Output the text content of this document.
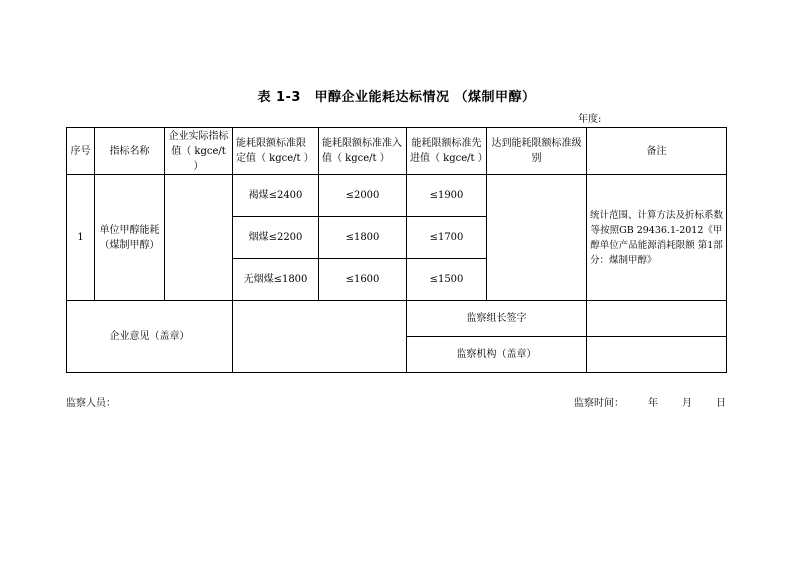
表 1-3　甲醇企业能耗达标情况 （煤制甲醇）
年度:
序号	指标名称	企业实际指标值（ kgce/t ）	能耗限额标准限定值（ kgce/t ）	能耗限额标准准入值（ kgce/t ）	能耗限额标准先进值（ kgce/t ）	达到能耗限额标准级别	备注
1	单位甲醇能耗（煤制甲醇）		褐煤≤2400	≤2000	≤1900		统计范围、计算方法及折标系数等按照GB 29436.1-2012《甲醇单位产品能源消耗限额 第1部分：煤制甲醇》
			烟煤≤2200	≤1800	≤1700		
			无烟煤≤1800	≤1600	≤1500		
企业意见（盖章）					监察组长签字		
					监察机构（盖章）		
监察人员：	监察时间： 年 月 日
